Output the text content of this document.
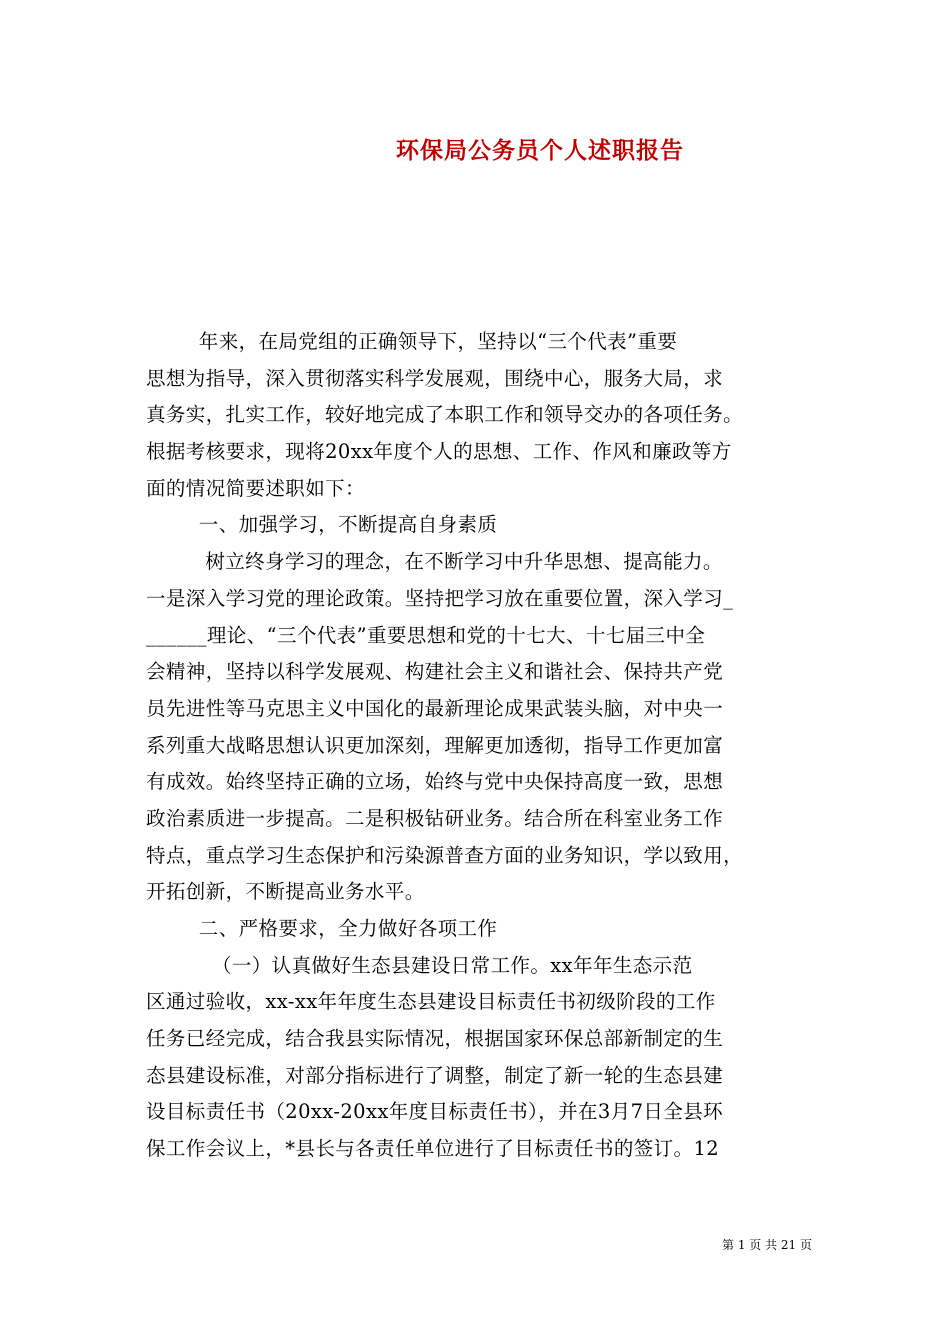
环保局公务员个人述职报告
年来，在局党组的正确领导下，坚持以“三个代表”重要
思想为指导，深入贯彻落实科学发展观，围绕中心，服务大局，求
真务实，扎实工作，较好地完成了本职工作和领导交办的各项任务。
根据考核要求，现将20xx年度个人的思想、工作、作风和廉政等方
面的情况简要述职如下：
一、加强学习，不断提高自身素质
树立终身学习的理念，在不断学习中升华思想、提高能力。
一是深入学习党的理论政策。坚持把学习放在重要位置，深入学习_
______理论、“三个代表”重要思想和党的十七大、十七届三中全
会精神，坚持以科学发展观、构建社会主义和谐社会、保持共产党
员先进性等马克思主义中国化的最新理论成果武装头脑，对中央一
系列重大战略思想认识更加深刻，理解更加透彻，指导工作更加富
有成效。始终坚持正确的立场，始终与党中央保持高度一致，思想
政治素质进一步提高。二是积极钻研业务。结合所在科室业务工作
特点，重点学习生态保护和污染源普查方面的业务知识，学以致用，
开拓创新，不断提高业务水平。
二、严格要求，全力做好各项工作
（一）认真做好生态县建设日常工作。xx年年生态示范
区通过验收，xx-xx年年度生态县建设目标责任书初级阶段的工作
任务已经完成，结合我县实际情况，根据国家环保总部新制定的生
态县建设标准，对部分指标进行了调整，制定了新一轮的生态县建
设目标责任书（20xx-20xx年度目标责任书），并在3月7日全县环
保工作会议上，*县长与各责任单位进行了目标责任书的签订。12
第 1 页 共 21 页
